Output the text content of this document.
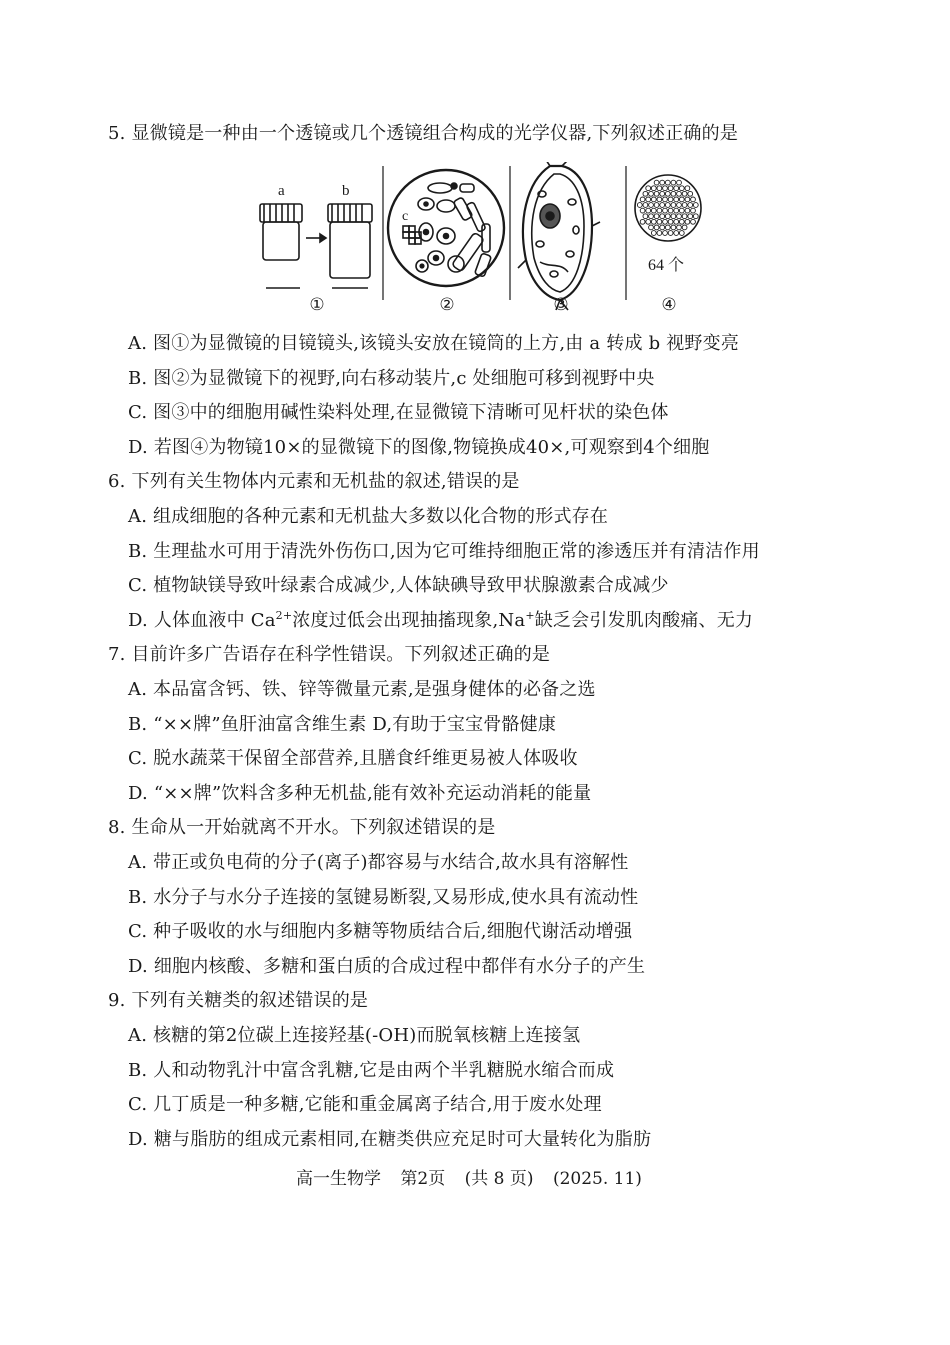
5. 显微镜是一种由一个透镜或几个透镜组合构成的光学仪器,下列叙述正确的是
a	b
c
64 个
①	②	③	④
A. 图①为显微镜的目镜镜头,该镜头安放在镜筒的上方,由 a 转成 b 视野变亮
B. 图②为显微镜下的视野,向右移动装片,c 处细胞可移到视野中央
C. 图③中的细胞用碱性染料处理,在显微镜下清晰可见杆状的染色体
D. 若图④为物镜10×的显微镜下的图像,物镜换成40×,可观察到4个细胞
6. 下列有关生物体内元素和无机盐的叙述,错误的是
A. 组成细胞的各种元素和无机盐大多数以化合物的形式存在
B. 生理盐水可用于清洗外伤伤口,因为它可维持细胞正常的渗透压并有清洁作用
C. 植物缺镁导致叶绿素合成减少,人体缺碘导致甲状腺激素合成减少
D. 人体血液中 $Ca^{2+}$浓度过低会出现抽搐现象,Na+缺乏会引发肌肉酸痛、无力
7. 目前许多广告语存在科学性错误。下列叙述正确的是
A. 本品富含钙、铁、锌等微量元素,是强身健体的必备之选
B. “××牌”鱼肝油富含维生素 D,有助于宝宝骨骼健康
C. 脱水蔬菜干保留全部营养,且膳食纤维更易被人体吸收
D. “××牌”饮料含多种无机盐,能有效补充运动消耗的能量
8. 生命从一开始就离不开水。下列叙述错误的是
A. 带正或负电荷的分子(离子)都容易与水结合,故水具有溶解性
B. 水分子与水分子连接的氢键易断裂,又易形成,使水具有流动性
C. 种子吸收的水与细胞内多糖等物质结合后,细胞代谢活动增强
D. 细胞内核酸、多糖和蛋白质的合成过程中都伴有水分子的产生
9. 下列有关糖类的叙述错误的是
A. 核糖的第2位碳上连接羟基(-OH)而脱氧核糖上连接氢
B. 人和动物乳汁中富含乳糖,它是由两个半乳糖脱水缩合而成
C. 几丁质是一种多糖,它能和重金属离子结合,用于废水处理
D. 糖与脂肪的组成元素相同,在糖类供应充足时可大量转化为脂肪
高一生物学 第2页 (共 8 页) (2025. 11)
